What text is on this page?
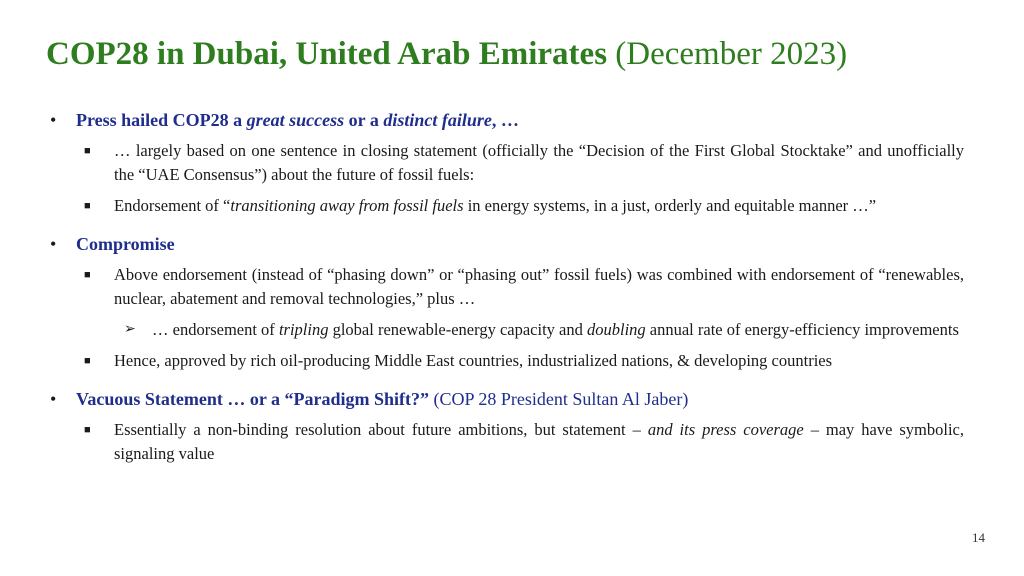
COP28 in Dubai, United Arab Emirates (December 2023)
• Press hailed COP28 a great success or a distinct failure, …
■ … largely based on one sentence in closing statement (officially the “Decision of the First Global Stocktake” and unofficially the “UAE Consensus”) about the future of fossil fuels:
■ Endorsement of “transitioning away from fossil fuels in energy systems, in a just, orderly and equitable manner …”
• Compromise
■ Above endorsement (instead of “phasing down” or “phasing out” fossil fuels) was combined with endorsement of “renewables, nuclear, abatement and removal technologies,” plus …
➢ … endorsement of tripling global renewable-energy capacity and doubling annual rate of energy-efficiency improvements
■ Hence, approved by rich oil-producing Middle East countries, industrialized nations, & developing countries
• Vacuous Statement … or a “Paradigm Shift?” (COP 28 President Sultan Al Jaber)
■ Essentially a non-binding resolution about future ambitions, but statement – and its press coverage – may have symbolic, signaling value
14
